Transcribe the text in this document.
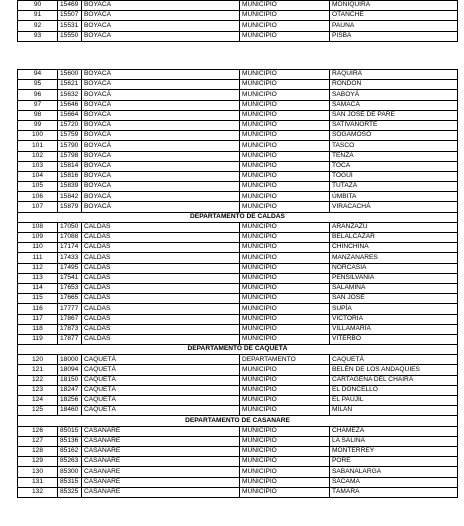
90	15469	BOYACA	MUNICIPIO	MONIQUIRA
91	15507	BOYACA	MUNICIPIO	OTANCHE
92	15531	BOYACA	MUNICIPIO	PAUNA
93	15550	BOYACA	MUNICIPIO	PISBA
94	15600	BOYACÁ	MUNICIPIO	RÁQUIRA
95	15621	BOYACÁ	MUNICIPIO	RONDÓN
96	15632	BOYACÁ	MUNICIPIO	SABOYÁ
97	15646	BOYACÁ	MUNICIPIO	SAMACÁ
98	15664	BOYACÁ	MUNICIPIO	SAN JOSÉ DE PARE
99	15720	BOYACÁ	MUNICIPIO	SATIVANORTE
100	15759	BOYACÁ	MUNICIPIO	SOGAMOSO
101	15790	BOYACÁ	MUNICIPIO	TASCO
102	15798	BOYACÁ	MUNICIPIO	TENZA
103	15814	BOYACÁ	MUNICIPIO	TOCA
104	15816	BOYACÁ	MUNICIPIO	TOGÜÍ
105	15839	BOYACÁ	MUNICIPIO	TUTAZÁ
106	15842	BOYACÁ	MUNICIPIO	ÚMBITA
107	15879	BOYACÁ	MUNICIPIO	VIRACACHÁ
DEPARTAMENTO DE CALDAS				
108	17050	CALDAS	MUNICIPIO	ARANZAZU
109	17088	CALDAS	MUNICIPIO	BELALCÁZAR
110	17174	CALDAS	MUNICIPIO	CHINCHINÁ
111	17433	CALDAS	MUNICIPIO	MANZANARES
112	17495	CALDAS	MUNICIPIO	NORCASIA
113	17541	CALDAS	MUNICIPIO	PENSILVANIA
114	17653	CALDAS	MUNICIPIO	SALAMINA
115	17665	CALDAS	MUNICIPIO	SAN JOSÉ
116	17777	CALDAS	MUNICIPIO	SUPÍA
117	17867	CALDAS	MUNICIPIO	VICTORIA
118	17873	CALDAS	MUNICIPIO	VILLAMARÍA
119	17877	CALDAS	MUNICIPIO	VITERBO
DEPARTAMENTO DE CAQUETÁ				
120	18000	CAQUETÁ	DEPARTAMENTO	CAQUETÁ
121	18094	CAQUETÁ	MUNICIPIO	BELÉN DE LOS ANDAQUIES
122	18150	CAQUETÁ	MUNICIPIO	CARTAGENA DEL CHAIRÁ
123	18247	CAQUETÁ	MUNICIPIO	EL DONCELLO
124	18256	CAQUETÁ	MUNICIPIO	EL PAUJIL
125	18460	CAQUETÁ	MUNICIPIO	MILÁN
DEPARTAMENTO DE CASANARE				
126	85015	CASANARE	MUNICIPIO	CHÁMEZA
127	85136	CASANARE	MUNICIPIO	LA SALINA
128	85162	CASANARE	MUNICIPIO	MONTERREY
129	85263	CASANARE	MUNICIPIO	PORE
130	85300	CASANARE	MUNICIPIO	SABANALARGA
131	85315	CASANARE	MUNICIPIO	SÁCAMA
132	85325	CASANARE	MUNICIPIO	TÁMARA
